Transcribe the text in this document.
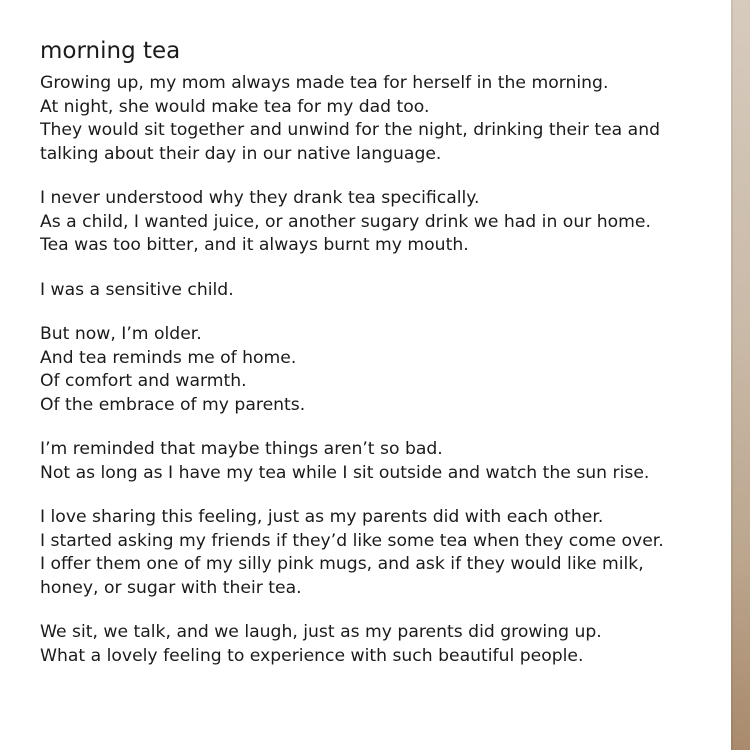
morning tea
Growing up, my mom always made tea for herself in the morning.
At night, she would make tea for my dad too.
They would sit together and unwind for the night, drinking their tea and
talking about their day in our native language.
I never understood why they drank tea specifically.
As a child, I wanted juice, or another sugary drink we had in our home.
Tea was too bitter, and it always burnt my mouth.
I was a sensitive child.
But now, I’m older.
And tea reminds me of home.
Of comfort and warmth.
Of the embrace of my parents.
I’m reminded that maybe things aren’t so bad.
Not as long as I have my tea while I sit outside and watch the sun rise.
I love sharing this feeling, just as my parents did with each other.
I started asking my friends if they’d like some tea when they come over.
I offer them one of my silly pink mugs, and ask if they would like milk,
honey, or sugar with their tea.
We sit, we talk, and we laugh, just as my parents did growing up.
What a lovely feeling to experience with such beautiful people.
